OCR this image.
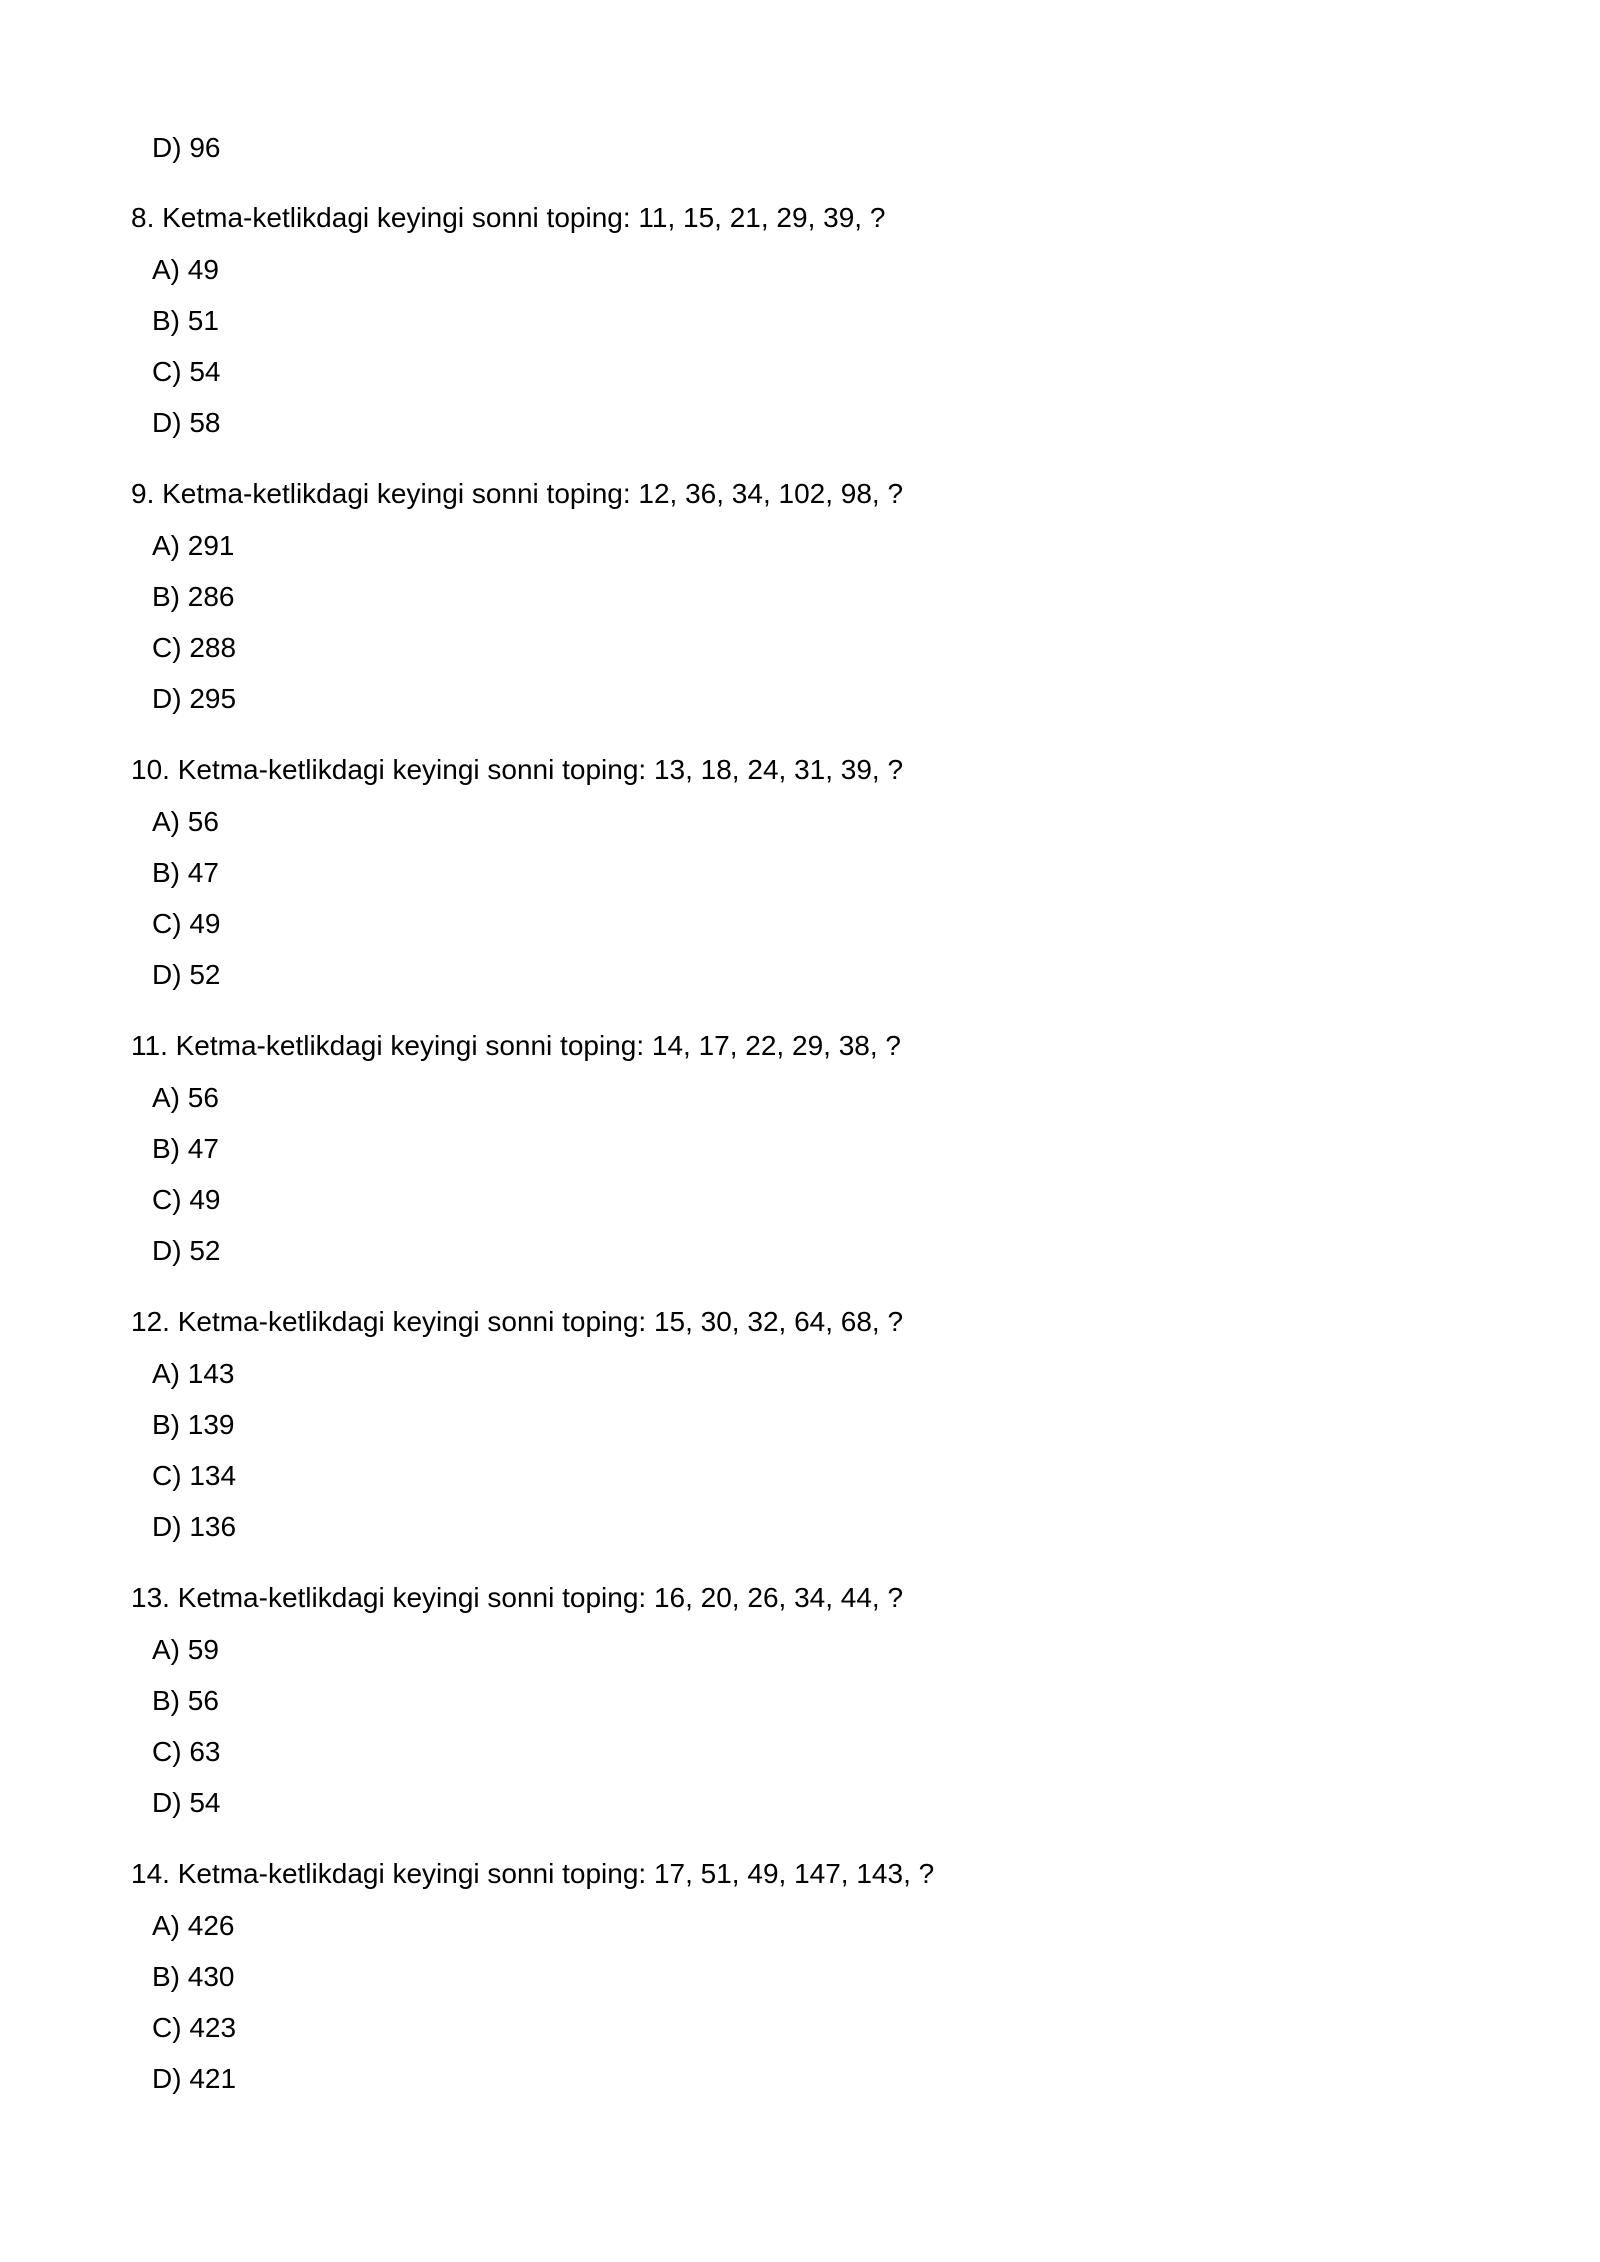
D) 96
8. Ketma-ketlikdagi keyingi sonni toping: 11, 15, 21, 29, 39, ?
A) 49
B) 51
C) 54
D) 58
9. Ketma-ketlikdagi keyingi sonni toping: 12, 36, 34, 102, 98, ?
A) 291
B) 286
C) 288
D) 295
10. Ketma-ketlikdagi keyingi sonni toping: 13, 18, 24, 31, 39, ?
A) 56
B) 47
C) 49
D) 52
11. Ketma-ketlikdagi keyingi sonni toping: 14, 17, 22, 29, 38, ?
A) 56
B) 47
C) 49
D) 52
12. Ketma-ketlikdagi keyingi sonni toping: 15, 30, 32, 64, 68, ?
A) 143
B) 139
C) 134
D) 136
13. Ketma-ketlikdagi keyingi sonni toping: 16, 20, 26, 34, 44, ?
A) 59
B) 56
C) 63
D) 54
14. Ketma-ketlikdagi keyingi sonni toping: 17, 51, 49, 147, 143, ?
A) 426
B) 430
C) 423
D) 421
